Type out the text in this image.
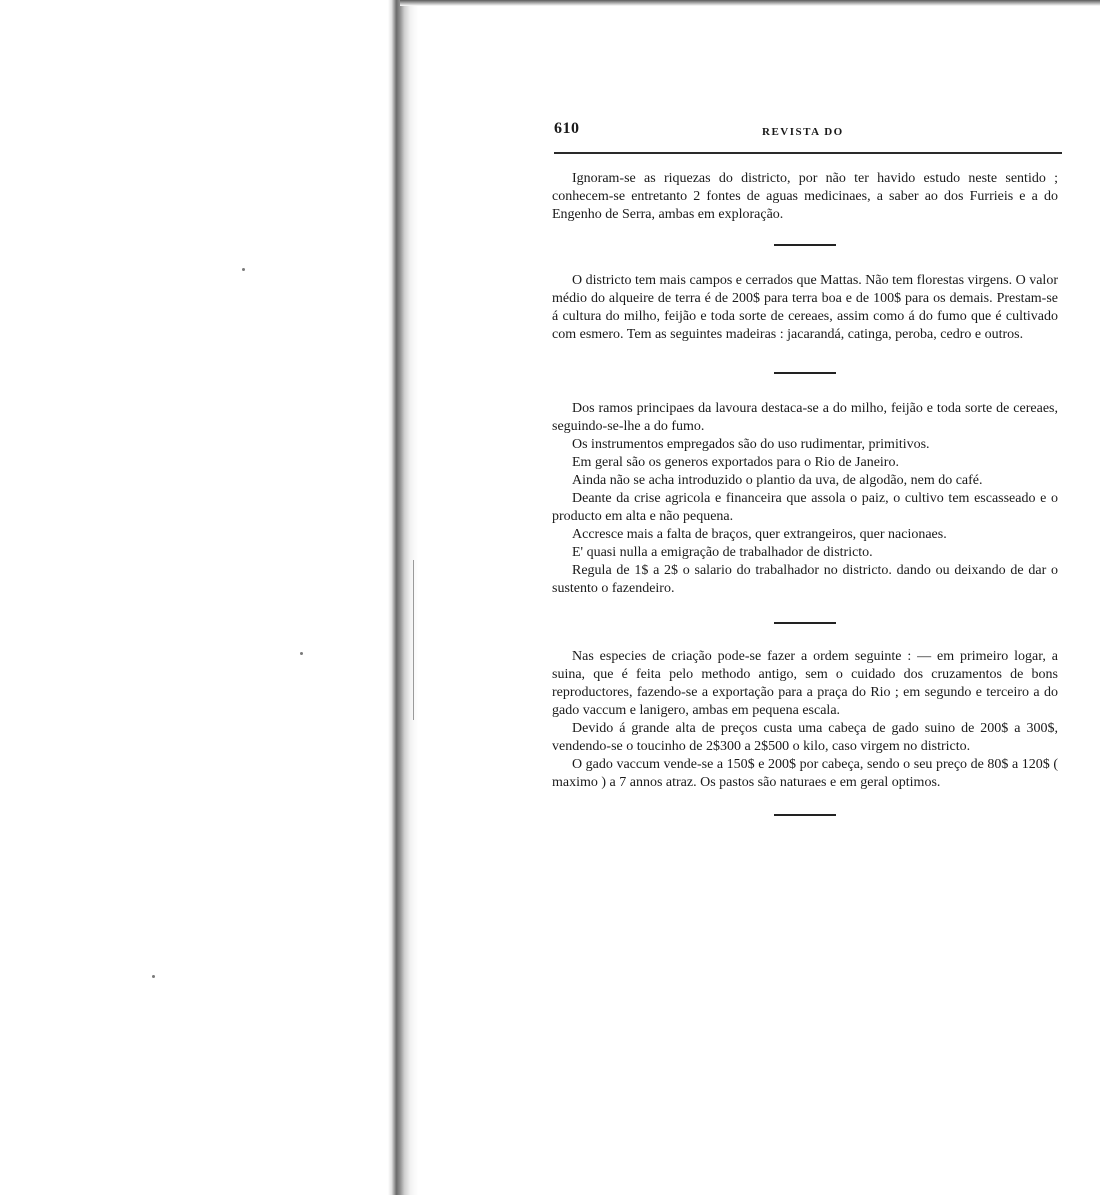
610	REVISTA DO

Ignoram-se as riquezas do districto, por não ter havido estudo neste sentido ; conhecem-se entretanto 2 fontes de aguas medicinaes, a saber ao dos Furrieis e a do Engenho de Serra, ambas em exploração.

O districto tem mais campos e cerrados que Mattas. Não tem florestas virgens. O valor médio do alqueire de terra é de 200$ para terra boa e de 100$ para os demais. Prestam-se á cultura do milho, feijão e toda sorte de cereaes, assim como á do fumo que é cultivado com esmero. Tem as seguintes madeiras : jacarandá, catinga, peroba, cedro e outros.

Dos ramos principaes da lavoura destaca-se a do milho, feijão e toda sorte de cereaes, seguindo-se-lhe a do fumo.

Os instrumentos empregados são do uso rudimentar, primitivos.

Em geral são os generos exportados para o Rio de Janeiro.

Ainda não se acha introduzido o plantio da uva, de algodão, nem do café.

Deante da crise agricola e financeira que assola o paiz, o cultivo tem escasseado e o producto em alta e não pequena.

Accresce mais a falta de braços, quer extrangeiros, quer nacionaes.

E' quasi nulla a emigração de trabalhador de districto.

Regula de 1$ a 2$ o salario do trabalhador no districto. dando ou deixando de dar o sustento o fazendeiro.

Nas especies de criação pode-se fazer a ordem seguinte : — em primeiro logar, a suina, que é feita pelo methodo antigo, sem o cuidado dos cruzamentos de bons reproductores, fazendo-se a exportação para a praça do Rio ; em segundo e terceiro a do gado vaccum e lanigero, ambas em pequena escala.

Devido á grande alta de preços custa uma cabeça de gado suino de 200$ a 300$, vendendo-se o toucinho de 2$300 a 2$500 o kilo, caso virgem no districto.

O gado vaccum vende-se a 150$ e 200$ por cabeça, sendo o seu preço de 80$ a 120$ ( maximo ) a 7 annos atraz. Os pastos são naturaes e em geral optimos.
